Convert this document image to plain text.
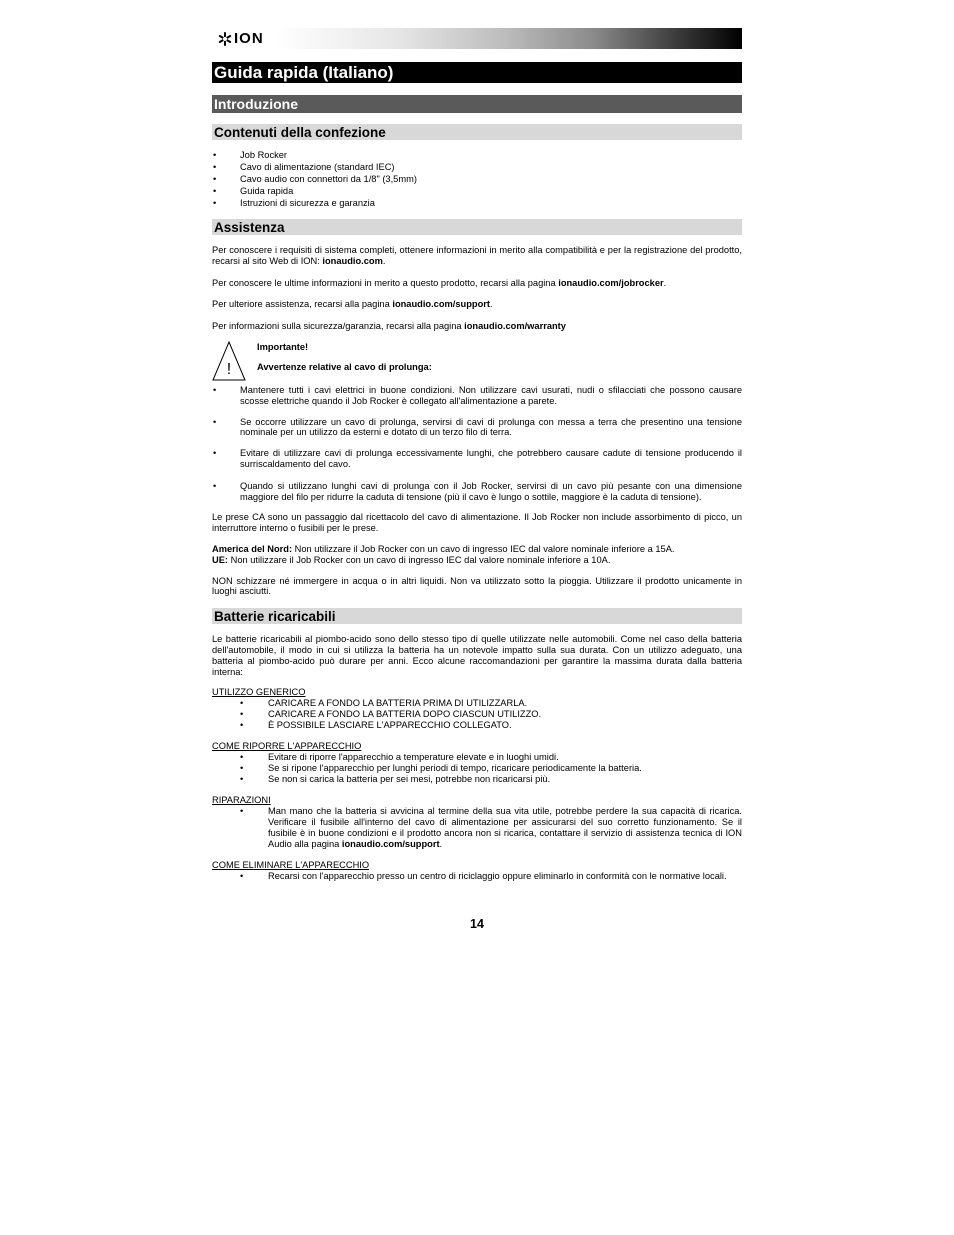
ION
Guida rapida (Italiano)
Introduzione
Contenuti della confezione
• Job Rocker
• Cavo di alimentazione (standard IEC)
• Cavo audio con connettori da 1/8" (3,5mm)
• Guida rapida
• Istruzioni di sicurezza e garanzia
Assistenza

Per conoscere i requisiti di sistema completi, ottenere informazioni in merito alla compatibilità e per la registrazione del prodotto, recarsi al sito Web di ION: ionaudio.com.

Per conoscere le ultime informazioni in merito a questo prodotto, recarsi alla pagina ionaudio.com/jobrocker.

Per ulteriore assistenza, recarsi alla pagina ionaudio.com/support.

Per informazioni sulla sicurezza/garanzia, recarsi alla pagina ionaudio.com/warranty

!
Importante!
Avvertenze relative al cavo di prolunga:
• Mantenere tutti i cavi elettrici in buone condizioni. Non utilizzare cavi usurati, nudi o sfilacciati che possono causare scosse elettriche quando il Job Rocker è collegato all'alimentazione a parete.
• Se occorre utilizzare un cavo di prolunga, servirsi di cavi di prolunga con messa a terra che presentino una tensione nominale per un utilizzo da esterni e dotato di un terzo filo di terra.
• Evitare di utilizzare cavi di prolunga eccessivamente lunghi, che potrebbero causare cadute di tensione producendo il surriscaldamento del cavo.
• Quando si utilizzano lunghi cavi di prolunga con il Job Rocker, servirsi di un cavo più pesante con una dimensione maggiore del filo per ridurre la caduta di tensione (più il cavo è lungo o sottile, maggiore è la caduta di tensione).

Le prese CA sono un passaggio dal ricettacolo del cavo di alimentazione. Il Job Rocker non include assorbimento di picco, un interruttore interno o fusibili per le prese.

America del Nord: Non utilizzare il Job Rocker con un cavo di ingresso IEC dal valore nominale inferiore a 15A.

UE: Non utilizzare il Job Rocker con un cavo di ingresso IEC dal valore nominale inferiore a 10A.

NON schizzare né immergere in acqua o in altri liquidi. Non va utilizzato sotto la pioggia. Utilizzare il prodotto unicamente in luoghi asciutti.

Batterie ricaricabili

Le batterie ricaricabili al piombo-acido sono dello stesso tipo di quelle utilizzate nelle automobili. Come nel caso della batteria dell'automobile, il modo in cui si utilizza la batteria ha un notevole impatto sulla sua durata. Con un utilizzo adeguato, una batteria al piombo-acido può durare per anni. Ecco alcune raccomandazioni per garantire la massima durata dalla batteria interna:

UTILIZZO GENERICO

• CARICARE A FONDO LA BATTERIA PRIMA DI UTILIZZARLA.
• CARICARE A FONDO LA BATTERIA DOPO CIASCUN UTILIZZO.
• È POSSIBILE LASCIARE L'APPARECCHIO COLLEGATO.

COME RIPORRE L'APPARECCHIO

• Evitare di riporre l'apparecchio a temperature elevate e in luoghi umidi.
• Se si ripone l'apparecchio per lunghi periodi di tempo, ricaricare periodicamente la batteria.
• Se non si carica la batteria per sei mesi, potrebbe non ricaricarsi più.

RIPARAZIONI

• Man mano che la batteria si avvicina al termine della sua vita utile, potrebbe perdere la sua capacità di ricarica. Verificare il fusibile all'interno del cavo di alimentazione per assicurarsi del suo corretto funzionamento. Se il fusibile è in buone condizioni e il prodotto ancora non si ricarica, contattare il servizio di assistenza tecnica di ION Audio alla pagina ionaudio.com/support.

COME ELIMINARE L'APPARECCHIO

• Recarsi con l'apparecchio presso un centro di riciclaggio oppure eliminarlo in conformità con le normative locali.
14
